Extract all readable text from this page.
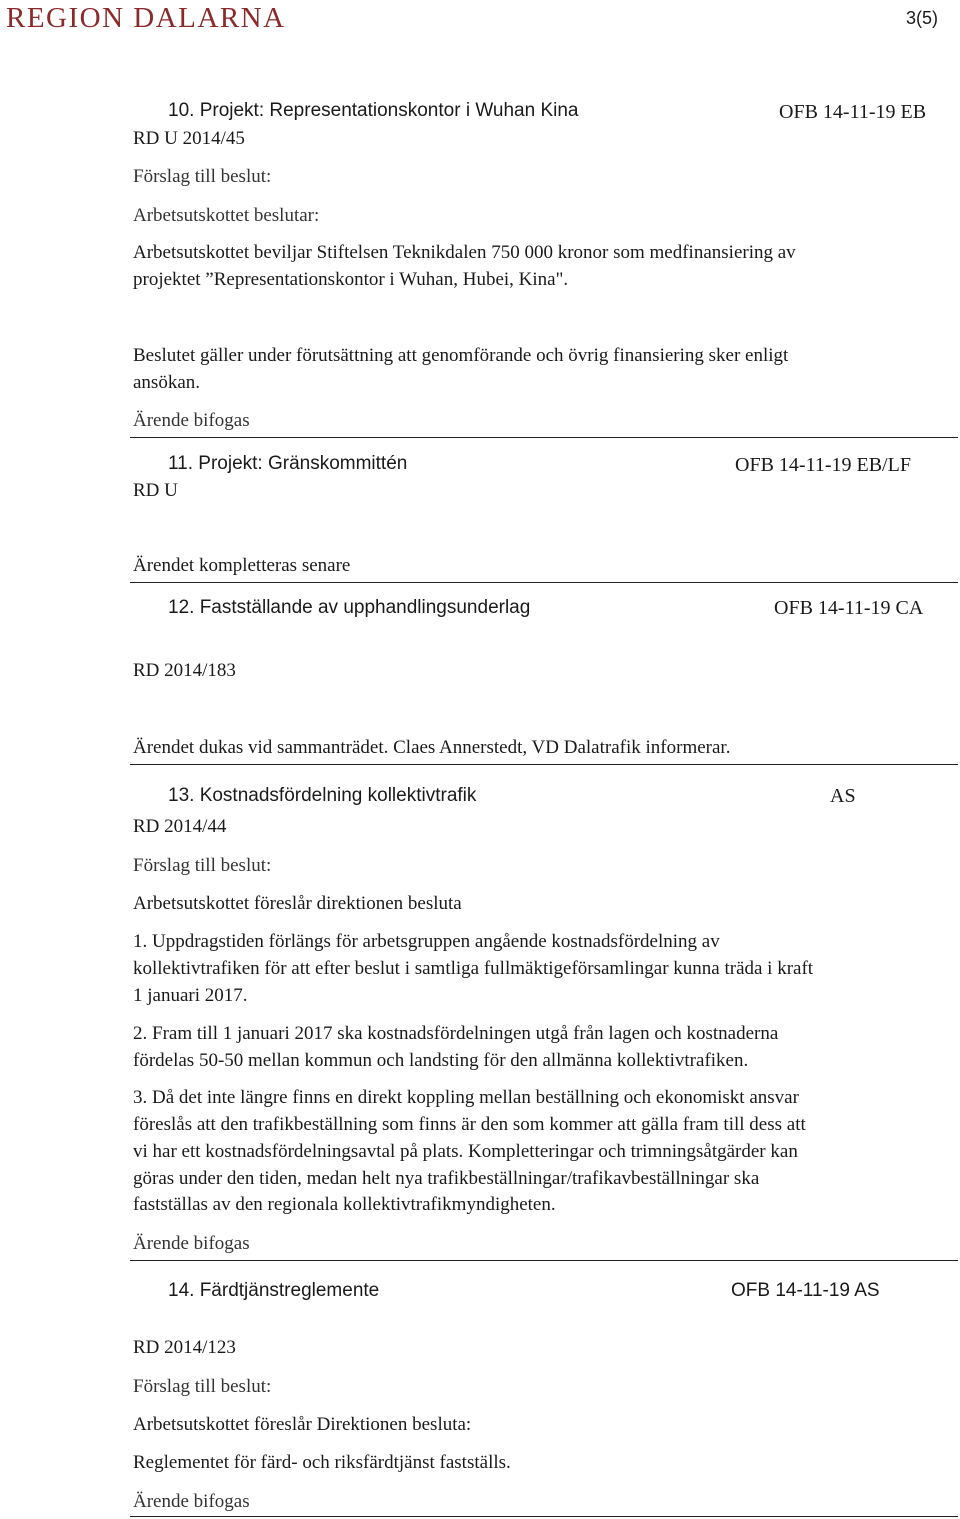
REGION DALARNA	3(5)
10. Projekt: Representationskontor i Wuhan Kina	OFB 14-11-19 EB
RD U 2014/45
Förslag till beslut:
Arbetsutskottet beslutar:
Arbetsutskottet beviljar Stiftelsen Teknikdalen 750 000 kronor som medfinansiering av
projektet ”Representationskontor i Wuhan, Hubei, Kina".
Beslutet gäller under förutsättning att genomförande och övrig finansiering sker enligt
ansökan.
Ärende bifogas
11. Projekt: Gränskommittén	OFB 14-11-19 EB/LF
RD U
Ärendet kompletteras senare
12. Fastställande av upphandlingsunderlag	OFB 14-11-19 CA
RD 2014/183
Ärendet dukas vid sammanträdet. Claes Annerstedt, VD Dalatrafik informerar.
13. Kostnadsfördelning kollektivtrafik	AS
RD 2014/44
Förslag till beslut:
Arbetsutskottet föreslår direktionen besluta
1. Uppdragstiden förlängs för arbetsgruppen angående kostnadsfördelning av
kollektivtrafiken för att efter beslut i samtliga fullmäktigeförsamlingar kunna träda i kraft
1 januari 2017.
2. Fram till 1 januari 2017 ska kostnadsfördelningen utgå från lagen och kostnaderna
fördelas 50-50 mellan kommun och landsting för den allmänna kollektivtrafiken.
3. Då det inte längre finns en direkt koppling mellan beställning och ekonomiskt ansvar
föreslås att den trafikbeställning som finns är den som kommer att gälla fram till dess att
vi har ett kostnadsfördelningsavtal på plats. Kompletteringar och trimningsåtgärder kan
göras under den tiden, medan helt nya trafikbeställningar/trafikavbeställningar ska
fastställas av den regionala kollektivtrafikmyndigheten.
Ärende bifogas
14. Färdtjänstreglemente	OFB 14-11-19 AS
RD 2014/123
Förslag till beslut:
Arbetsutskottet föreslår Direktionen besluta:
Reglementet för färd- och riksfärdtjänst fastställs.
Ärende bifogas
